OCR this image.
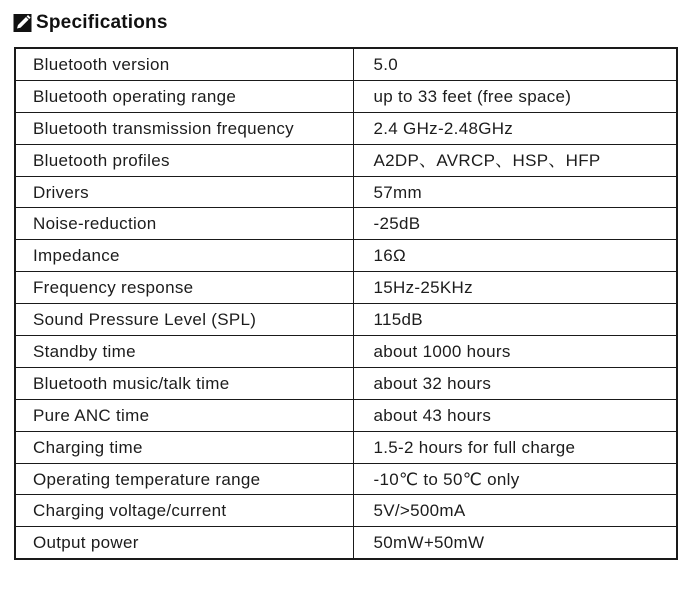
Specifications
Bluetooth version	5.0
Bluetooth operating range	up to 33 feet (free space)
Bluetooth transmission frequency	2.4 GHz-2.48GHz
Bluetooth profiles	A2DP、AVRCP、HSP、HFP
Drivers	57mm
Noise-reduction	-25dB
Impedance	16Ω
Frequency response	15Hz-25KHz
Sound Pressure Level (SPL)	115dB
Standby time	about 1000 hours
Bluetooth music/talk time	about 32 hours
Pure ANC time	about 43 hours
Charging time	1.5-2 hours for full charge
Operating temperature range	-10℃ to 50℃ only
Charging voltage/current	5V/>500mA
Output power	50mW+50mW
